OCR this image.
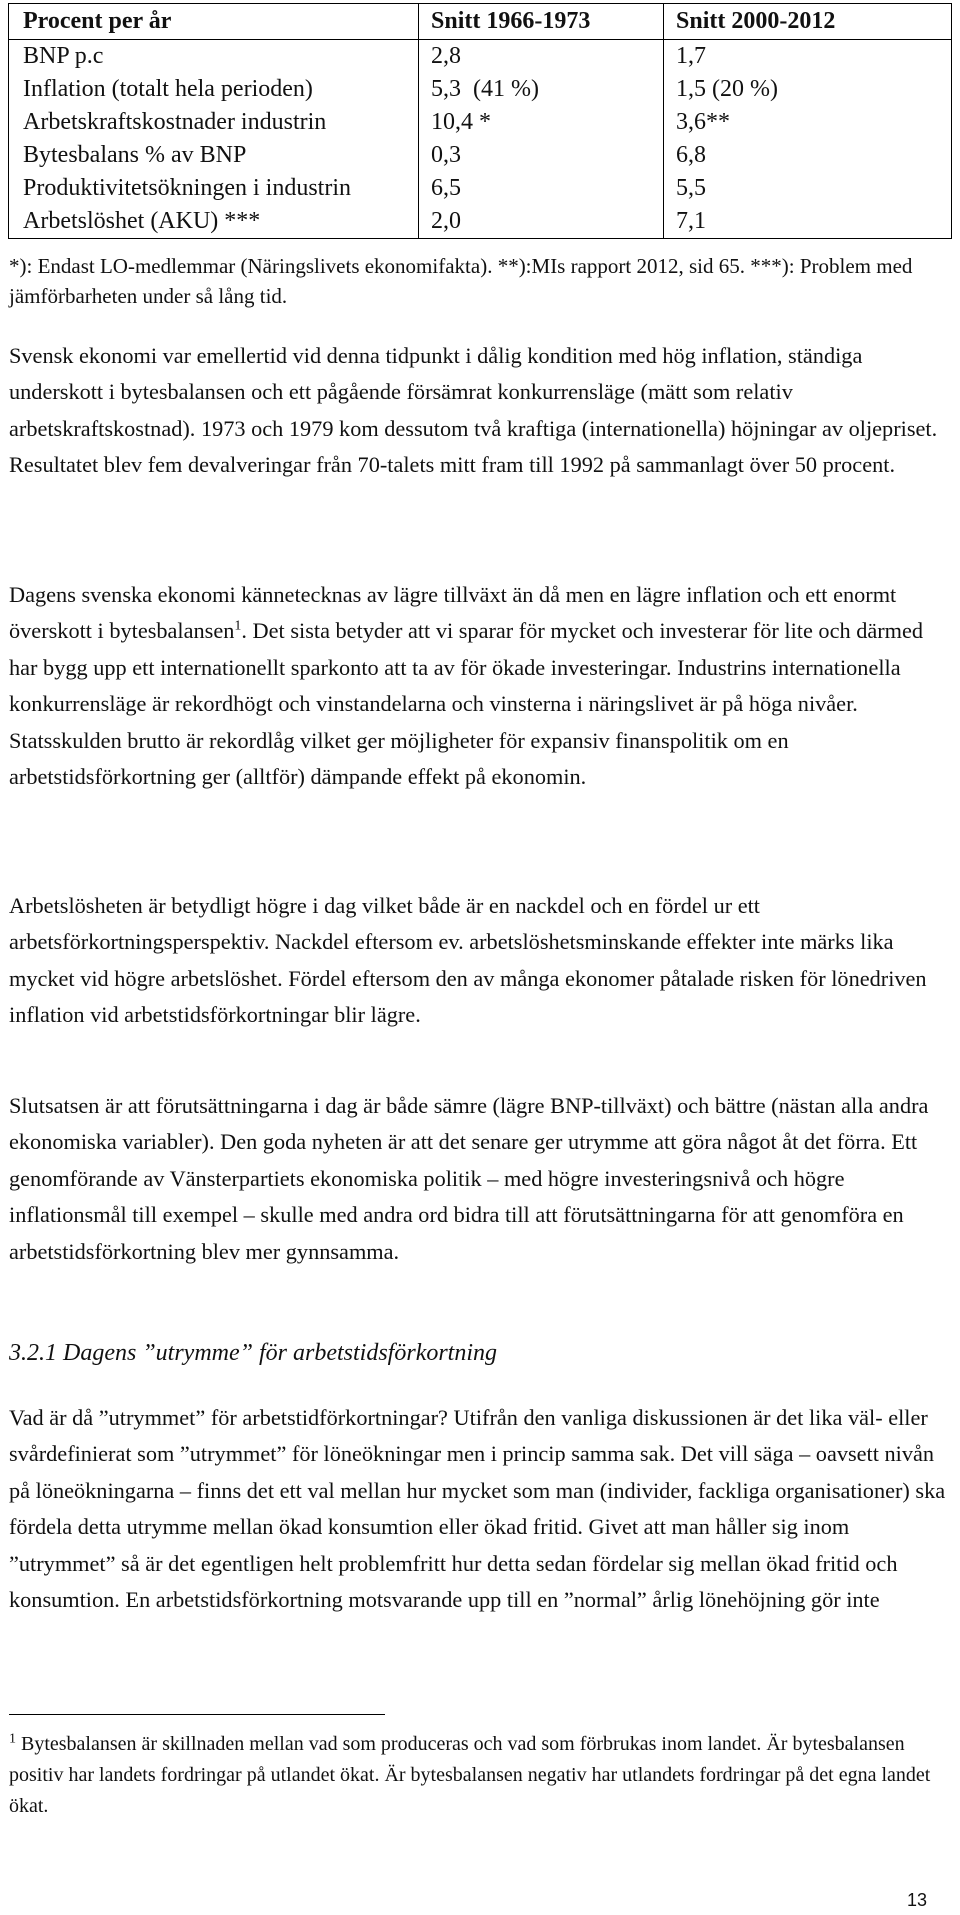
Procent per år	Snitt 1966-1973	Snitt 2000-2012
BNP p.c	2,8	1,7
Inflation (totalt hela perioden)	5,3  (41 %)	1,5 (20 %)
Arbetskraftskostnader industrin	10,4 *	3,6**
Bytesbalans % av BNP	0,3	6,8
Produktivitetsökningen i industrin	6,5	5,5
Arbetslöshet (AKU) ***	2,0	7,1

*): Endast LO-medlemmar (Näringslivets ekonomifakta). **):MIs rapport 2012, sid 65. ***): Problem med jämförbarheten under så lång tid.

Svensk ekonomi var emellertid vid denna tidpunkt i dålig kondition med hög inflation, ständiga underskott i bytesbalansen och ett pågående försämrat konkurrensläge (mätt som relativ arbetskraftskostnad). 1973 och 1979 kom dessutom två kraftiga (internationella) höjningar av oljepriset. Resultatet blev fem devalveringar från 70-talets mitt fram till 1992 på sammanlagt över 50 procent.

Dagens svenska ekonomi kännetecknas av lägre tillväxt än då men en lägre inflation och ett enormt överskott i bytesbalansen$^1$. Det sista betyder att vi sparar för mycket och investerar för lite och därmed har bygg upp ett internationellt sparkonto att ta av för ökade investeringar. Industrins internationella konkurrensläge är rekordhögt och vinstandelarna och vinsterna i näringslivet är på höga nivåer. Statsskulden brutto är rekordlåg vilket ger möjligheter för expansiv finanspolitik om en arbetstidsförkortning ger (alltför) dämpande effekt på ekonomin.

Arbetslösheten är betydligt högre i dag vilket både är en nackdel och en fördel ur ett arbetsförkortningsperspektiv. Nackdel eftersom ev. arbetslöshetsminskande effekter inte märks lika mycket vid högre arbetslöshet. Fördel eftersom den av många ekonomer påtalade risken för lönedriven inflation vid arbetstidsförkortningar blir lägre.

Slutsatsen är att förutsättningarna i dag är både sämre (lägre BNP-tillväxt) och bättre (nästan alla andra ekonomiska variabler). Den goda nyheten är att det senare ger utrymme att göra något åt det förra. Ett genomförande av Vänsterpartiets ekonomiska politik – med högre investeringsnivå och högre inflationsmål till exempel – skulle med andra ord bidra till att förutsättningarna för att genomföra en arbetstidsförkortning blev mer gynnsamma.

3.2.1 Dagens ”utrymme” för arbetstidsförkortning

Vad är då ”utrymmet” för arbetstidförkortningar? Utifrån den vanliga diskussionen är det lika väl- eller svårdefinierat som ”utrymmet” för löneökningar men i princip samma sak. Det vill säga – oavsett nivån på löneökningarna – finns det ett val mellan hur mycket som man (individer, fackliga organisationer) ska fördela detta utrymme mellan ökad konsumtion eller ökad fritid. Givet att man håller sig inom ”utrymmet” så är det egentligen helt problemfritt hur detta sedan fördelar sig mellan ökad fritid och konsumtion. En arbetstidsförkortning motsvarande upp till en ”normal” årlig lönehöjning gör inte

$^1$ Bytesbalansen är skillnaden mellan vad som produceras och vad som förbrukas inom landet. Är bytesbalansen positiv har landets fordringar på utlandet ökat. Är bytesbalansen negativ har utlandets fordringar på det egna landet ökat.

13
